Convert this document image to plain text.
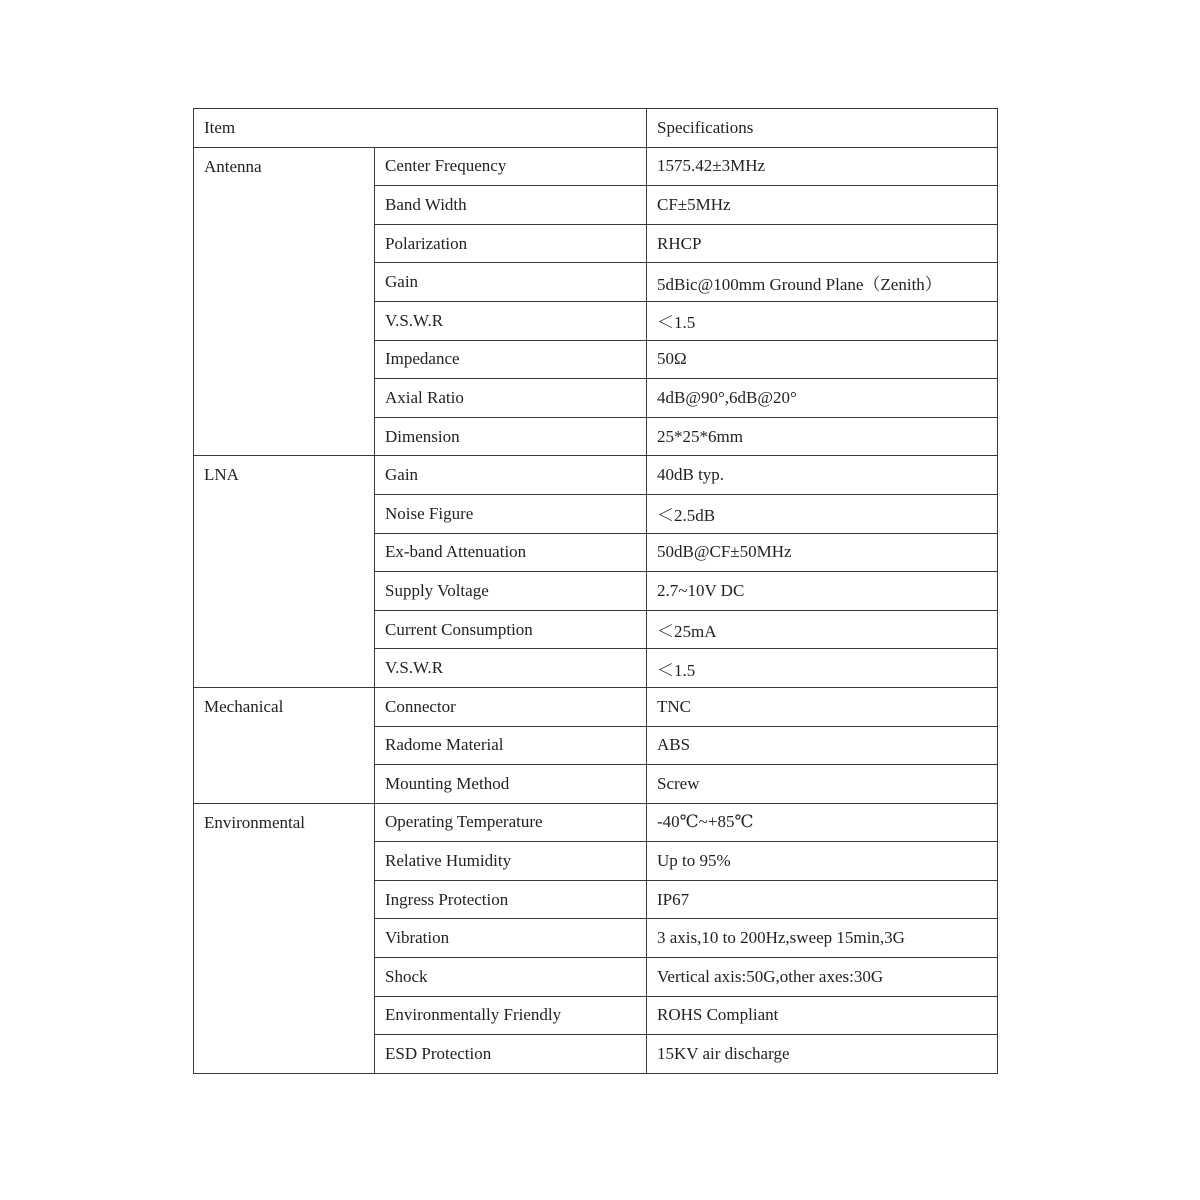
Item		Specifications
Antenna	Center Frequency	1575.42±3MHz
	Band Width	CF±5MHz
	Polarization	RHCP
	Gain	5dBic@100mm Ground Plane（Zenith）
	V.S.W.R	＜1.5
	Impedance	50Ω
	Axial Ratio	4dB@90°,6dB@20°
	Dimension	25*25*6mm
LNA	Gain	40dB typ.
	Noise Figure	＜2.5dB
	Ex-band Attenuation	50dB@CF±50MHz
	Supply Voltage	2.7~10V DC
	Current Consumption	＜25mA
	V.S.W.R	＜1.5
Mechanical	Connector	TNC
	Radome Material	ABS
	Mounting Method	Screw
Environmental	Operating Temperature	-40℃~+85℃
	Relative Humidity	Up to 95%
	Ingress Protection	IP67
	Vibration	3 axis,10 to 200Hz,sweep 15min,3G
	Shock	Vertical axis:50G,other axes:30G
	Environmentally Friendly	ROHS Compliant
	ESD Protection	15KV air discharge
